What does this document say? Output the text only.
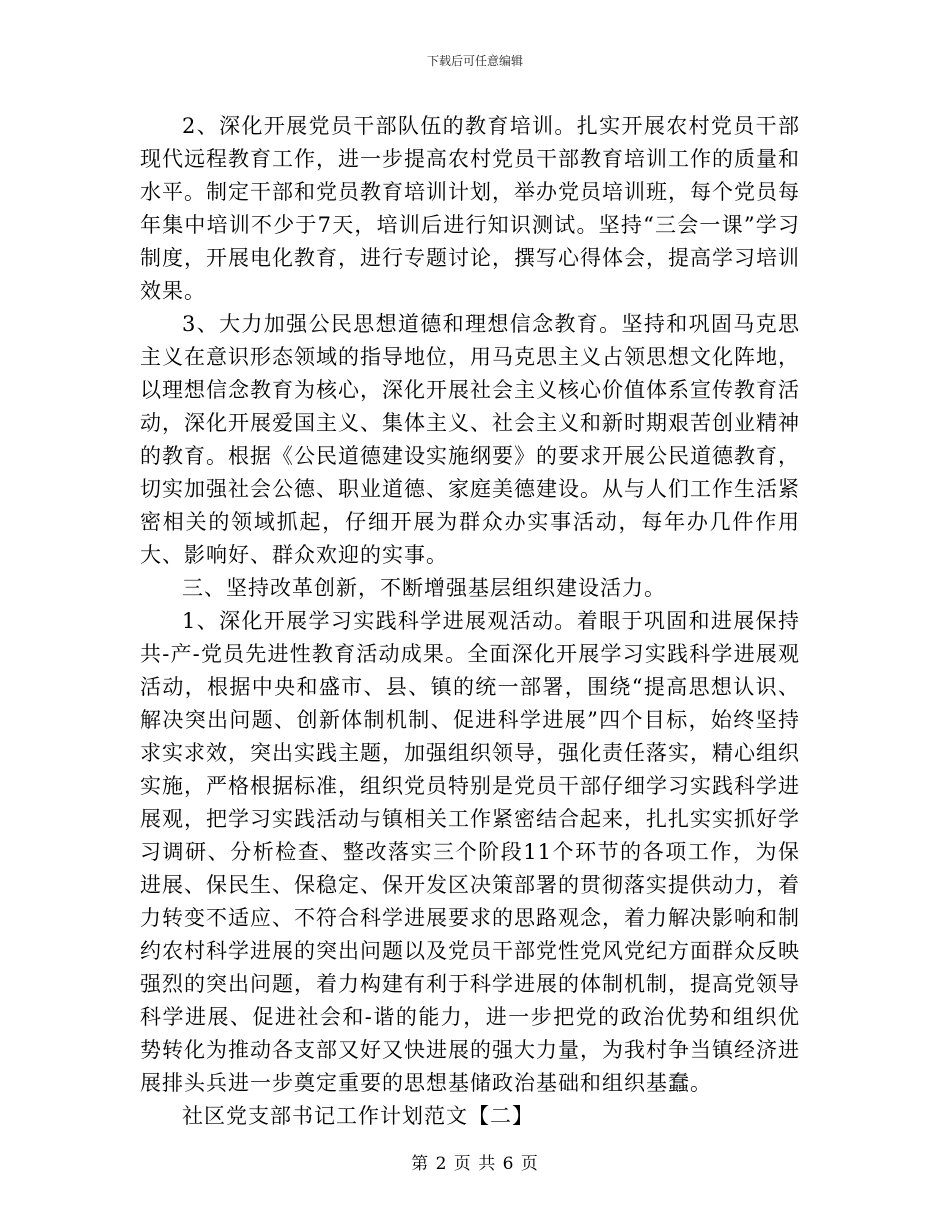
下载后可任意编辑

2、深化开展党员干部队伍的教育培训。扎实开展农村党员干部现代远程教育工作，进一步提高农村党员干部教育培训工作的质量和水平。制定干部和党员教育培训计划，举办党员培训班，每个党员每年集中培训不少于7天，培训后进行知识测试。坚持“三会一课”学习制度，开展电化教育，进行专题讨论，撰写心得体会，提高学习培训效果。

3、大力加强公民思想道德和理想信念教育。坚持和巩固马克思主义在意识形态领域的指导地位，用马克思主义占领思想文化阵地，以理想信念教育为核心，深化开展社会主义核心价值体系宣传教育活动，深化开展爱国主义、集体主义、社会主义和新时期艰苦创业精神的教育。根据《公民道德建设实施纲要》的要求开展公民道德教育，切实加强社会公德、职业道德、家庭美德建设。从与人们工作生活紧密相关的领域抓起，仔细开展为群众办实事活动，每年办几件作用大、影响好、群众欢迎的实事。

三、坚持改革创新，不断增强基层组织建设活力。

1、深化开展学习实践科学进展观活动。着眼于巩固和进展保持共-产-党员先进性教育活动成果。全面深化开展学习实践科学进展观活动，根据中央和盛市、县、镇的统一部署，围绕“提高思想认识、解决突出问题、创新体制机制、促进科学进展”四个目标，始终坚持求实求效，突出实践主题，加强组织领导，强化责任落实，精心组织实施，严格根据标准，组织党员特别是党员干部仔细学习实践科学进展观，把学习实践活动与镇相关工作紧密结合起来，扎扎实实抓好学习调研、分析检查、整改落实三个阶段11个环节的各项工作，为保进展、保民生、保稳定、保开发区决策部署的贯彻落实提供动力，着力转变不适应、不符合科学进展要求的思路观念，着力解决影响和制约农村科学进展的突出问题以及党员干部党性党风党纪方面群众反映强烈的突出问题，着力构建有利于科学进展的体制机制，提高党领导科学进展、促进社会和-谐的能力，进一步把党的政治优势和组织优势转化为推动各支部又好又快进展的强大力量，为我村争当镇经济进展排头兵进一步奠定重要的思想基储政治基础和组织基蠢。

社区党支部书记工作计划范文【二】

第 2 页 共 6 页
